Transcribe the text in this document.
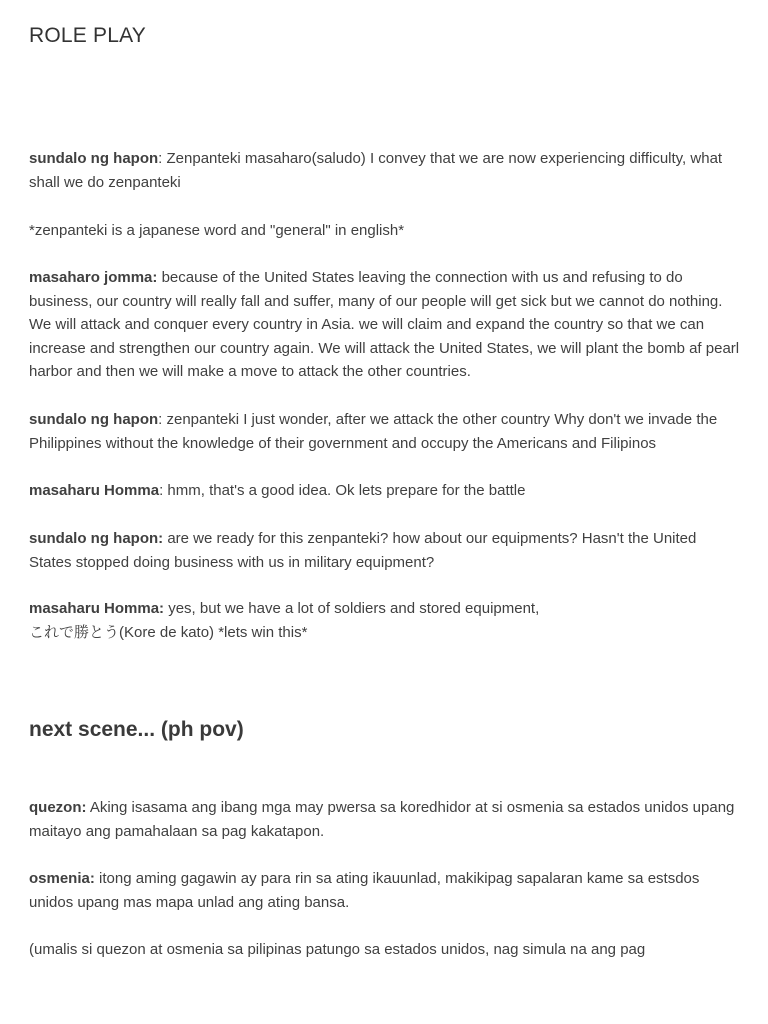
ROLE PLAY

sundalo ng hapon: Zenpanteki masaharo(saludo) I convey that we are now experiencing difficulty, what shall we do zenpanteki

*zenpanteki is a japanese word and "general" in english*

masaharo jomma: because of the United States leaving the connection with us and refusing to do business, our country will really fall and suffer, many of our people will get sick but we cannot do nothing. We will attack and conquer every country in Asia. we will claim and expand the country so that we can increase and strengthen our country again. We will attack the United States, we will plant the bomb af pearl harbor and then we will make a move to attack the other countries.

sundalo ng hapon: zenpanteki I just wonder, after we attack the other country Why don't we invade the Philippines without the knowledge of their government and occupy the Americans and Filipinos

masaharu Homma: hmm, that's a good idea. Ok lets prepare for the battle

sundalo ng hapon: are we ready for this zenpanteki? how about our equipments? Hasn't the United States stopped doing business with us in military equipment?

masaharu Homma: yes, but we have a lot of soldiers and stored equipment,
これで勝とう(Kore de kato) *lets win this*

next scene... (ph pov)

quezon: Aking isasama ang ibang mga may pwersa sa koredhidor at si osmenia sa estados unidos upang maitayo ang pamahalaan sa pag kakatapon.

osmenia: itong aming gagawin ay para rin sa ating ikauunlad, makikipag sapalaran kame sa estsdos unidos upang mas mapa unlad ang ating bansa.

(umalis si quezon at osmenia sa pilipinas patungo sa estados unidos, nag simula na ang pag
